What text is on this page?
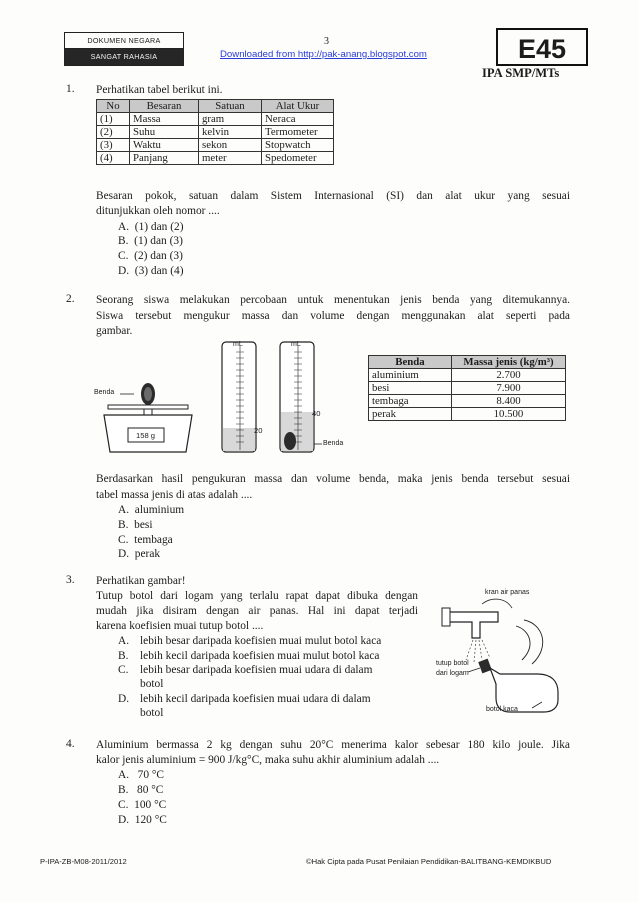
DOKUMEN NEGARA
SANGAT RAHASIA
3
Downloaded from http://pak-anang.blogspot.com	E45
IPA SMP/MTs
1. Perhatikan tabel berikut ini.
No	Besaran	Satuan	Alat Ukur
(1)	Massa	gram	Neraca
(2)	Suhu	kelvin	Termometer
(3)	Waktu	sekon	Stopwatch
(4)	Panjang	meter	Spedometer
Besaran pokok, satuan dalam Sistem Internasional (SI) dan alat ukur yang sesuai
ditunjukkan oleh nomor ....
A. (1) dan (2)
B. (1) dan (3)
C. (2) dan (3)
D. (3) dan (4)
2. Seorang siswa melakukan percobaan untuk menentukan jenis benda yang ditemukannya.
Siswa tersebut mengukur massa dan volume dengan menggunakan alat seperti pada
gambar.
Benda
158 g
mL	mL
20
40
Benda
Benda	Massa jenis (kg/m³)
aluminium	2.700
besi	7.900
tembaga	8.400
perak	10.500
Berdasarkan hasil pengukuran massa dan volume benda, maka jenis benda tersebut sesuai
tabel massa jenis di atas adalah ....
A. aluminium
B. besi
C. tembaga
D. perak
3. Perhatikan gambar!
Tutup botol dari logam yang terlalu rapat dapat dibuka dengan
mudah jika disiram dengan air panas. Hal ini dapat terjadi
karena koefisien muai tutup botol ....
A. lebih besar daripada koefisien muai mulut botol kaca
B. lebih kecil daripada koefisien muai mulut botol kaca
C. lebih besar daripada koefisien muai udara di dalam
botol
D. lebih kecil daripada koefisien muai udara di dalam
botol
kran air panas
tutup botol
dari logam
botol kaca
4. Aluminium bermassa 2 kg dengan suhu 20°C menerima kalor sebesar 180 kilo joule. Jika
kalor jenis aluminium = 900 J/kg°C, maka suhu akhir aluminium adalah ....
A. 70 °C
B. 80 °C
C. 100 °C
D. 120 °C
P-IPA-ZB-M08-2011/2012	©Hak Cipta pada Pusat Penilaian Pendidikan-BALITBANG-KEMDIKBUD
